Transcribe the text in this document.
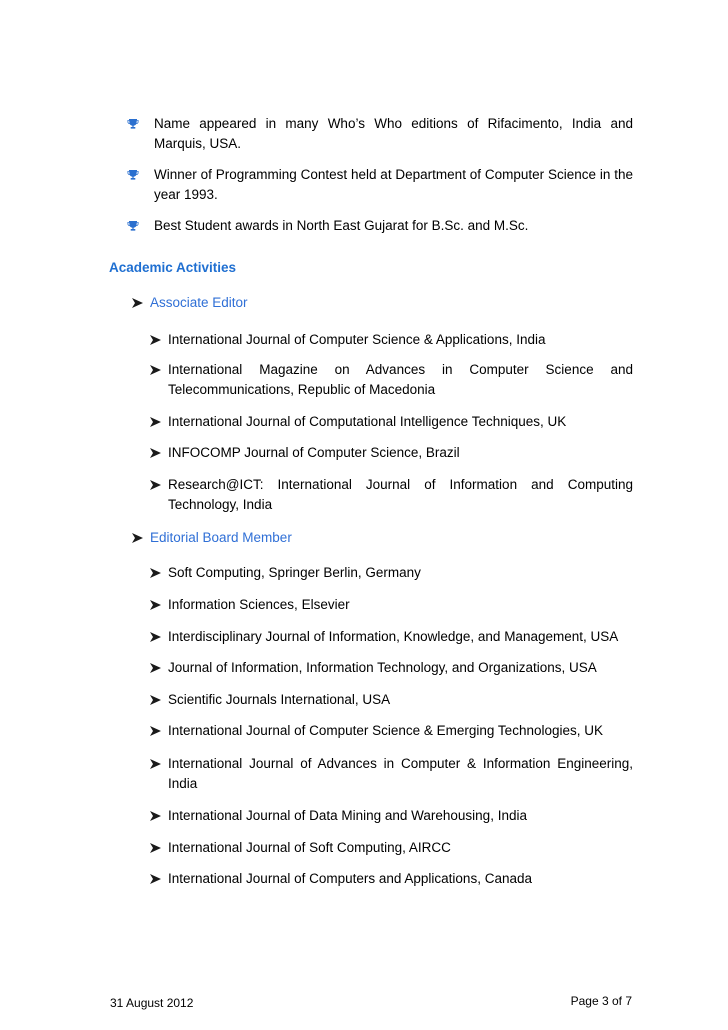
Name appeared in many Who’s Who editions of Rifacimento, India and Marquis, USA.
Winner of Programming Contest held at Department of Computer Science in the year 1993.
Best Student awards in North East Gujarat for B.Sc. and M.Sc.
Academic Activities
Associate Editor
International Journal of Computer Science & Applications, India
International Magazine on Advances in Computer Science and Telecommunications, Republic of Macedonia
International Journal of Computational Intelligence Techniques, UK
INFOCOMP Journal of Computer Science, Brazil
Research@ICT: International Journal of Information and Computing Technology, India
Editorial Board Member
Soft Computing, Springer Berlin, Germany
Information Sciences, Elsevier
Interdisciplinary Journal of Information, Knowledge, and Management, USA
Journal of Information, Information Technology, and Organizations, USA
Scientific Journals International, USA
International Journal of Computer Science & Emerging Technologies, UK
International Journal of Advances in Computer & Information Engineering, India
International Journal of Data Mining and Warehousing, India
International Journal of Soft Computing, AIRCC
International Journal of Computers and Applications, Canada
31 August 2012	Page 3 of 7
